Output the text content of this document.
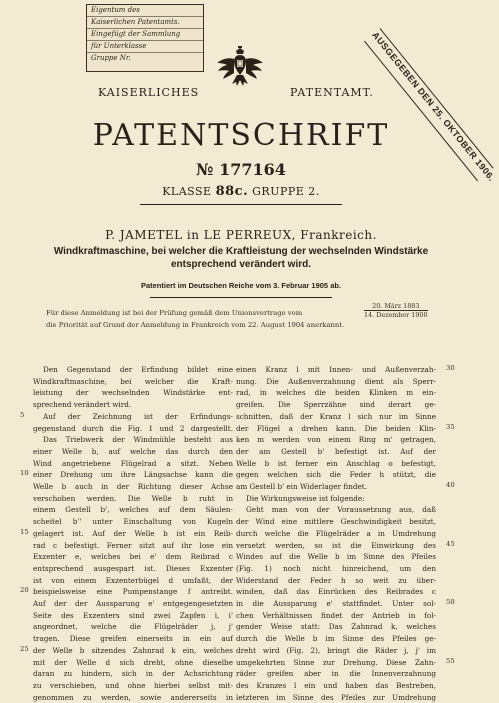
Eigentum des
Kaiserlichen Patentamts.
Eingefügt der Sammlung
für Unterklasse
Gruppe Nr.	AUSGEGEBEN DEN 25. OKTOBER 1906.
KAISERLICHES	PATENTAMT.
PATENTSCHRIFT
№ 177164
KLASSE 88c. GRUPPE 2.
P. JAMETEL in LE PERREUX, Frankreich.
Windkraftmaschine, bei welcher die Kraftleistung der wechselnden Windstärke
entsprechend verändert wird.
Patentiert im Deutschen Reiche vom 3. Februar 1905 ab.
Für diese Anmeldung ist bei der Prüfung gemäß dem Unionsvertrage vom
20. März 1883
14. Dezember 1900
die Priorität auf Grund der Anmeldung in Frankreich vom 22. August 1904 anerkannt.
Den Gegenstand der Erfindung bildet eine
Windkraftmaschine, bei welcher die Kraft-
leistung der wechselnden Windstärke ent-
sprechend verändert wird.
Auf der Zeichnung ist der Erfindungs-
gegenstand durch die Fig. 1 und 2 dargestellt.
Das Triebwerk der Windmühle besteht aus
einer Welle b, auf welche das durch den
Wind angetriebene Flügelrad a sitzt. Neben
einer Drehung um ihre Längsachse kann die
Welle b auch in der Richtung dieser Achse
verschoben werden. Die Welle b ruht in
einem Gestell b', welches auf dem Säulen-
scheitel b'' unter Einschaltung von Kugeln
gelagert ist. Auf der Welle b ist ein Reib-
rad c befestigt. Ferner sitzt auf ihr lose ein
Exzenter e, welches bei e' dem Reibrad c
entsprechend ausgespart ist. Dieses Exzenter
ist von einem Exzenterbügel d umfaßt, der
beispielsweise eine Pumpenstange f antreibt.
Auf der der Aussparung e' entgegengesetzten
Seite des Exzenters sind zwei Zapfen i, i'
angeordnet, welche die Flügelräder j, j'
tragen. Diese greifen einerseits in ein auf
der Welle b sitzendes Zahnrad k ein, welches
mit der Welle d sich dreht, ohne dieselbe
daran zu hindern, sich in der Achsrichtung
zu verschieben, und ohne hierbei selbst mit-
genommen zu werden, sowie andererseits in
einen Kranz l mit Innen- und Außenverzah-
nung. Die Außenverzahnung dient als Sperr-
rad, in welches die beiden Klinken m ein-
greifen. Die Sperrzähne sind derart ge-
schnitten, daß der Kranz l sich nur im Sinne
der Flügel a drehen kann. Die beiden Klin-
ken m werden von einem Ring m' getragen,
der am Gestell b' befestigt ist. Auf der
Welle b ist ferner ein Anschlag o befestigt,
gegen welchen sich die Feder h stützt, die
am Gestell b' ein Widerlager findet.
Die Wirkungsweise ist folgende:
Geht man von der Voraussetzung aus, daß
der Wind eine mittlere Geschwindigkeit besitzt,
durch welche die Flügelräder a in Umdrehung
versetzt werden, so ist die Einwirkung des
Windes auf die Welle b im Sinne des Pfeiles
(Fig. 1) noch nicht hinreichend, um den
Widerstand der Feder h so weit zu über-
winden, daß das Einrücken des Reibrades c
in die Aussparung e' stattfindet. Unter sol-
chen Verhältnissen findet der Antrieb in fol-
gender Weise statt: Das Zahnrad k, welches
durch die Welle b im Sinne des Pfeiles ge-
dreht wird (Fig. 2), bringt die Räder j, j' im
umgekehrten Sinne zur Drehung. Diese Zahn-
räder greifen aber in die Innenverzahnung
des Kranzes l ein und haben das Bestreben,
letzteren im Sinne des Pfeiles zur Umdrehung
5
10
15
20
25
30
35
40
45
50
55
